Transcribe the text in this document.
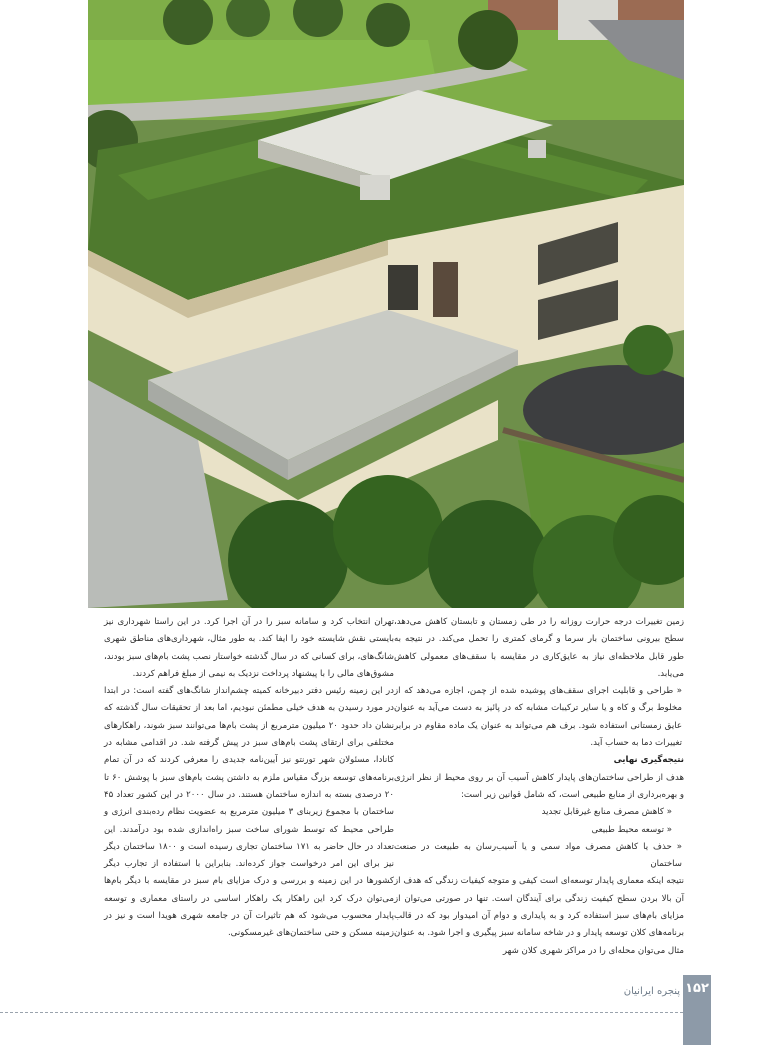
زمین تغییرات درجه حرارت روزانه را در طی زمستان و تابستان کاهش می‌دهد، سطح بیرونی ساختمان بار سرما و گرمای کمتری را تحمل می‌کند. در نتیجه به طور قابل ملاحظه‌ای نیاز به عایق‌کاری در مقایسه با سقف‌های معمولی کاهش می‌یابد.

« طراحی و قابلیت اجرای سقف‌های پوشیده شده از چمن، اجازه می‌دهد که از مخلوط برگ و کاه و یا سایر ترکیبات مشابه که در پائیز به دست می‌آید به عنوان عایق زمستانی استفاده شود. برف هم می‌تواند به عنوان یک ماده مقاوم در برابر تغییرات دما به حساب آید.

نتیجه‌گیری نهایی

هدف از طراحی ساختمان‌های پایدار کاهش آسیب آن بر روی محیط از نظر انرژی و بهره‌برداری از منابع طبیعی است، که شامل قوانین زیر است:

« کاهش مصرف منابع غیرقابل تجدید

« توسعه محیط طبیعی

« حذف یا کاهش مصرف مواد سمی و یا آسیب‌رسان به طبیعت در صنعت ساختمان

نتیجه اینکه معماری پایدار توسعه‌ای است کیفی و متوجه کیفیات زندگی که هدف از آن بالا بردن سطح کیفیت زندگی برای آیندگان است. تنها در صورتی می‌توان از مزایای بام‌های سبز استفاده کرد و به پایداری و دوام آن امیدوار بود که در قالب برنامه‌های کلان توسعه پایدار و در شاخه سامانه سبز پیگیری و اجرا شود. به عنوان مثال می‌توان محله‌ای را در مراکز شهری کلان شهر

تهران انتخاب کرد و سامانه سبز را در آن اجرا کرد. در این راستا شهرداری نیز بایستی نقش شایسته خود را ایفا کند. به طور مثال، شهرداری‌های مناطق شهری شانگ‌های، برای کسانی که در سال گذشته خواستار نصب پشت بام‌های سبز بودند، مشوق‌های مالی را با پیشنهاد پرداخت نزدیک به نیمی از مبلغ فراهم کردند.

در این زمینه رئیس دفتر دبیرخانه کمیته چشم‌انداز شانگ‌های گفته است: در ابتدا در مورد رسیدن به هدف خیلی مطمئن نبودیم، اما بعد از تحقیقات سال گذشته که نشان داد حدود ۲۰ میلیون مترمربع از پشت بام‌ها می‌توانند سبز شوند، راهکارهای مختلفی برای ارتقای پشت بام‌های سبز در پیش گرفته شد. در اقدامی مشابه در کانادا، مسئولان شهر تورنتو نیز آیین‌نامه جدیدی را معرفی کردند که در آن تمام برنامه‌های توسعه بزرگ مقیاس ملزم به داشتن پشت بام‌های سبز با پوشش ۶۰ تا ۲۰ درصدی بسته به اندازه ساختمان هستند. در سال ۲۰۰۰ در این کشور تعداد ۴۵ ساختمان با مجموع زیربنای ۳ میلیون مترمربع به عضویت نظام رده‌بندی انرژی و طراحی محیط که توسط شورای ساخت سبز راه‌اندازی شده بود درآمدند. این تعداد در حال حاضر به ۱۷۱ ساختمان تجاری رسیده است و ۱۸۰۰ ساختمان دیگر نیز برای این امر درخواست جواز کرده‌اند. بنابراین با استفاده از تجارب دیگر کشورها در این زمینه و بررسی و درک مزایای بام سبز در مقایسه با دیگر بام‌ها می‌توان درک کرد این راهکار یک راهکار اساسی در راستای معماری و توسعه پایدار محسوب می‌شود که هم تاثیرات آن در جامعه شهری هویدا است و نیز در زمینه مسکن و حتی ساختمان‌های غیرمسکونی.

۱۵۲
پنجره ایرانیان
